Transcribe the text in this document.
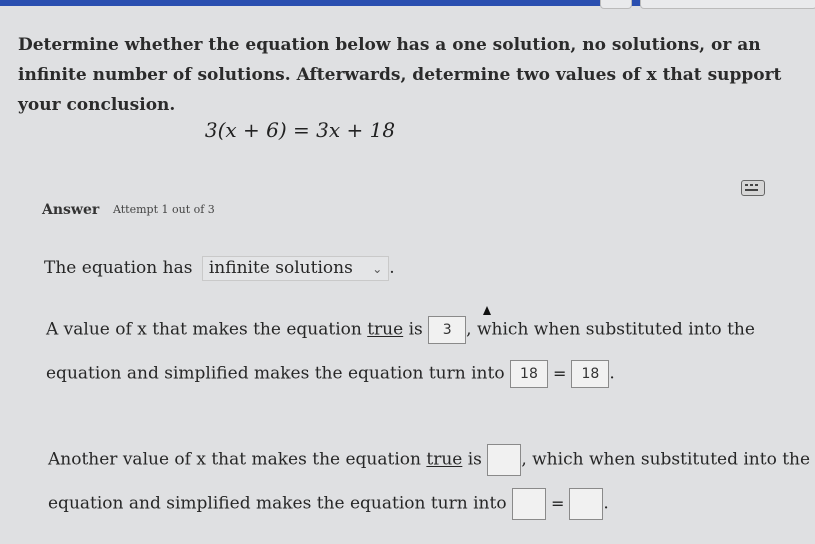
Determine whether the equation below has a one solution, no solutions, or an infinite number of solutions. Afterwards, determine two values of x that support your conclusion.
3(x + 6) = 3x + 18
Answer Attempt 1 out of 3
The equation has infinite solutions ⌄ .
A value of x that makes the equation true is 3 , which when substituted into the
equation and simplified makes the equation turn into 18 = 18 .
Another value of x that makes the equation true is , which when substituted into the
equation and simplified makes the equation turn into	= .
